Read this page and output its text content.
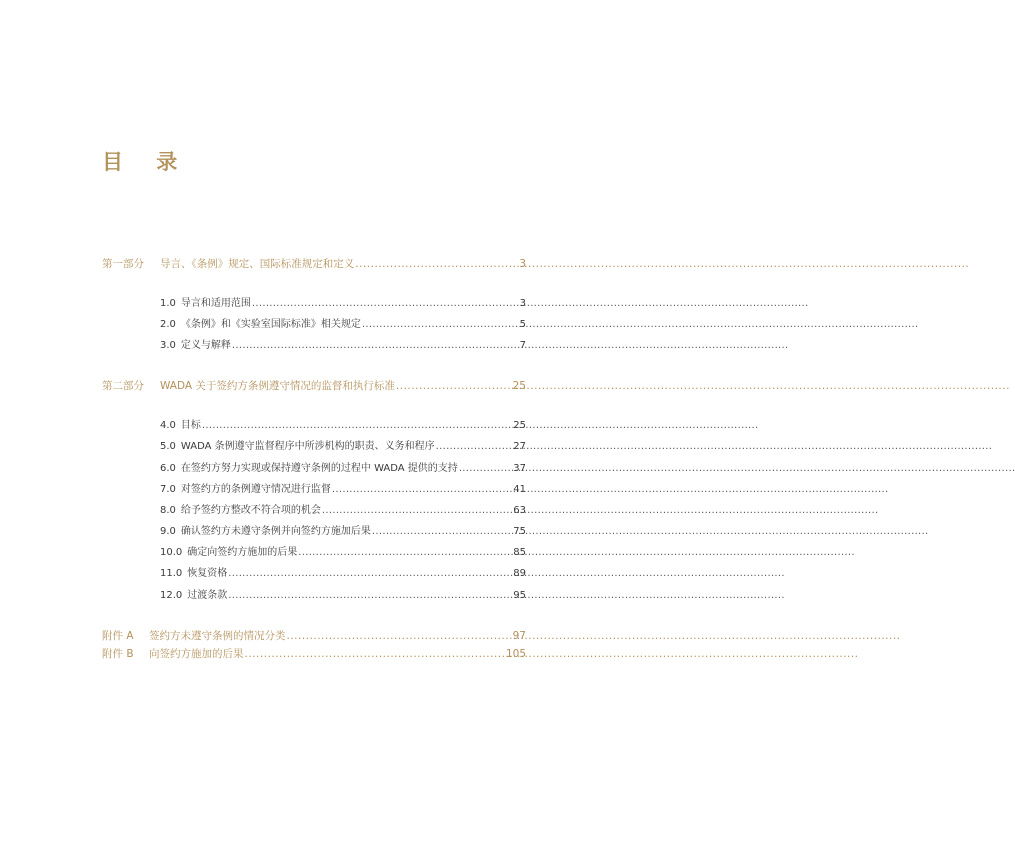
目 录
第一部分	导言、《条例》规定、国际标准规定和定义 .....	3
1.0 导言和适用范围 .....	3
2.0 《条例》和《实验室国际标准》相关规定 .....	5
3.0 定义与解释 .....	7
第二部分	WADA 关于签约方条例遵守情况的监督和执行标准 .....	25
4.0 目标 .....	25
5.0 WADA 条例遵守监督程序中所涉机构的职责、义务和程序 .....	27
6.0 在签约方努力实现或保持遵守条例的过程中 WADA 提供的支持 .....	37
7.0 对签约方的条例遵守情况进行监督 .....	41
8.0 给予签约方整改不符合项的机会 .....	63
9.0 确认签约方未遵守条例并向签约方施加后果 .....	75
10.0 确定向签约方施加的后果 .....	85
11.0 恢复资格 .....	89
12.0 过渡条款 .....	95
附件 A	签约方未遵守条例的情况分类 .....	97
附件 B	向签约方施加的后果 .....	105
